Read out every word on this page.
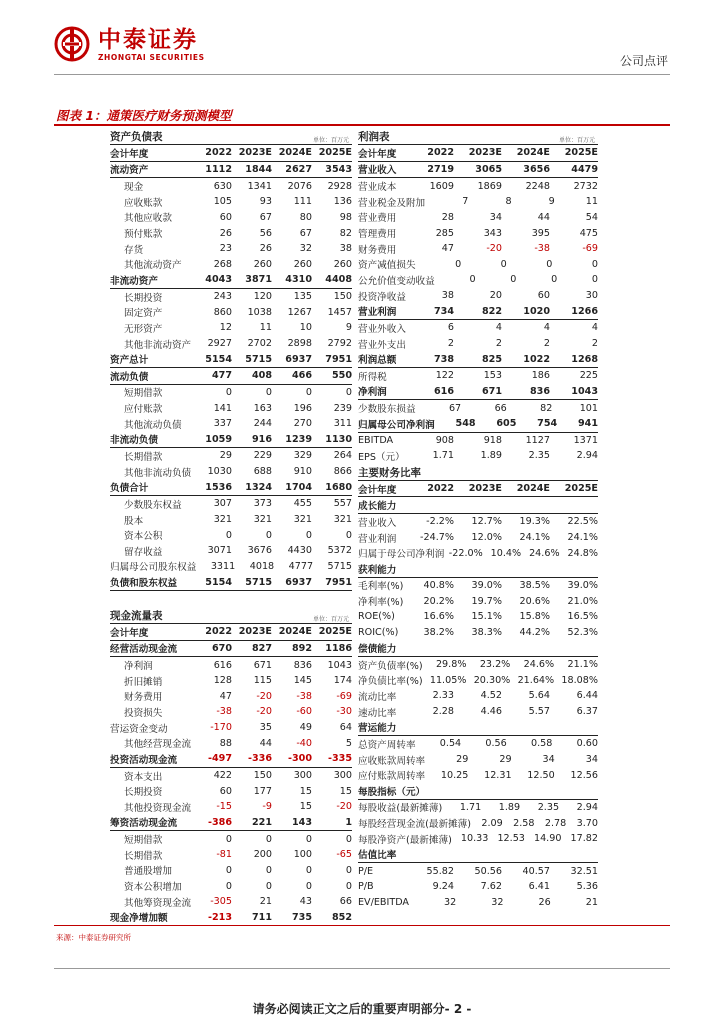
中泰证券
ZHONGTAI SECURITIES	公司点评
图表 1：通策医疗财务预测模型
资产负债表	单位：百万元
会计年度	2022 2023E 2024E 2025E
流动资产	1112	1844	2627	3543
现金	630	1341	2076	2928
应收账款	105	93	111	136
其他应收款	60	67	80	98
预付账款	26	56	67	82
存货	23	26	32	38
其他流动资产	268	260	260	260
非流动资产	4043	3871	4310	4408
长期投资	243	120	135	150
固定资产	860	1038	1267	1457
无形资产	12	11	10	9
其他非流动资产	2927	2702	2898	2792
资产总计	5154	5715	6937	7951
流动负债	477	408	466	550
短期借款	0	0	0	0
应付账款	141	163	196	239
其他流动负债	337	244	270	311
非流动负债	1059	916	1239	1130
长期借款	29	229	329	264
其他非流动负债	1030	688	910	866
负债合计	1536	1324	1704	1680
少数股东权益	307	373	455	557
股本	321	321	321	321
资本公积	0	0	0	0
留存收益	3071	3676	4430	5372
归属母公司股东权益	3311	4018	4777	5715
负债和股东权益	5154	5715	6937	7951
现金流量表	单位：百万元
会计年度	2022 2023E 2024E 2025E
经营活动现金流	670	827	892	1186
净利润	616	671	836	1043
折旧摊销	128	115	145	174
财务费用	47	-20	-38	-69
投资损失	-38	-20	-60	-30
营运资金变动	-170	35	49	64
其他经营现金流	88	44	-40	5
投资活动现金流	-497	-336	-300	-335
资本支出	422	150	300	300
长期投资	60	177	15	15
其他投资现金流	-15	-9	15	-20
筹资活动现金流	-386	221	143	1
短期借款	0	0	0	0
长期借款	-81	200	100	-65
普通股增加	0	0	0	0
资本公积增加	0	0	0	0
其他筹资现金流	-305	21	43	66
现金净增加额	-213	711	735	852
利润表	单位：百万元
会计年度	2022	2023E	2024E	2025E
营业收入	2719	3065	3656	4479
营业成本	1609	1869	2248	2732
营业税金及附加	7	8	9	11
营业费用	28	34	44	54
管理费用	285	343	395	475
财务费用	47	-20	-38	-69
资产减值损失	0	0	0	0
公允价值变动收益	0	0	0	0
投资净收益	38	20	60	30
营业利润	734	822	1020	1266
营业外收入	6	4	4	4
营业外支出	2	2	2	2
利润总额	738	825	1022	1268
所得税	122	153	186	225
净利润	616	671	836	1043
少数股东损益	67	66	82	101
归属母公司净利润	548	605	754	941
EBITDA	908	918	1127	1371
EPS（元）	1.71	1.89	2.35	2.94
主要财务比率
会计年度	2022	2023E	2024E	2025E
成长能力
营业收入	-2.2%	12.7%	19.3%	22.5%
营业利润	-24.7%	12.0%	24.1%	24.1%
归属于母公司净利润 -22.0% 10.4% 24.6% 24.8%
获利能力
毛利率(%)	40.8%	39.0%	38.5%	39.0%
净利率(%)	20.2%	19.7%	20.6%	21.0%
ROE(%)	16.6%	15.1%	15.8%	16.5%
ROIC(%)	38.2%	38.3%	44.2%	52.3%
偿债能力
资产负债率(%)	29.8%	23.2%	24.6%	21.1%
净负债比率(%) 11.05% 20.30% 21.64% 18.08%
流动比率	2.33	4.52	5.64	6.44
速动比率	2.28	4.46	5.57	6.37
营运能力
总资产周转率	0.54	0.56	0.58	0.60
应收账款周转率	29	29	34	34
应付账款周转率	10.25	12.31	12.50	12.56
每股指标（元）
每股收益(最新摊薄)	1.71	1.89	2.35	2.94
每股经营现金流(最新摊薄)	2.09	2.58	2.78	3.70
每股净资产(最新摊薄) 10.33 12.53 14.90 17.82
估值比率
P/E	55.82	50.56	40.57	32.51
P/B	9.24	7.62	6.41	5.36
EV/EBITDA	32	32	26	21
来源：中泰证券研究所
请务必阅读正文之后的重要声明部分- 2 -
